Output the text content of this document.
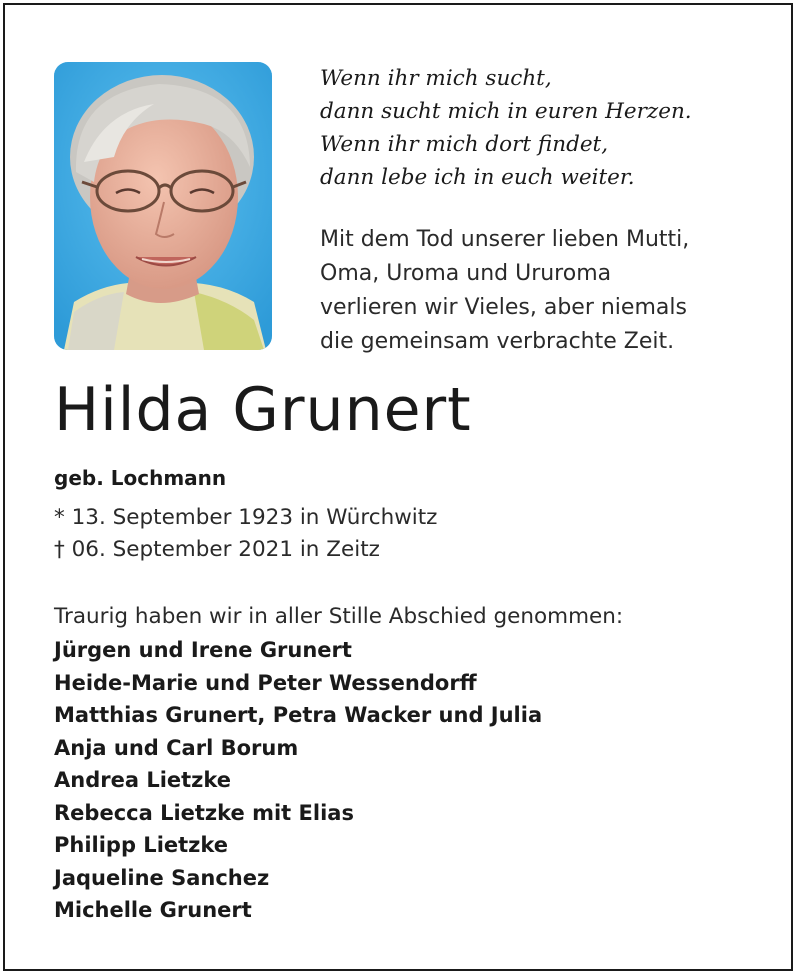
Wenn ihr mich sucht,
dann sucht mich in euren Herzen.
Wenn ihr mich dort findet,
dann lebe ich in euch weiter.
Mit dem Tod unserer lieben Mutti,
Oma, Uroma und Ururoma
verlieren wir Vieles, aber niemals
die gemeinsam verbrachte Zeit.
Hilda Grunert
geb. Lochmann
* 13. September 1923 in Würchwitz
† 06. September 2021 in Zeitz
Traurig haben wir in aller Stille Abschied genommen:
Jürgen und Irene Grunert
Heide-Marie und Peter Wessendorff
Matthias Grunert, Petra Wacker und Julia
Anja und Carl Borum
Andrea Lietzke
Rebecca Lietzke mit Elias
Philipp Lietzke
Jaqueline Sanchez
Michelle Grunert
